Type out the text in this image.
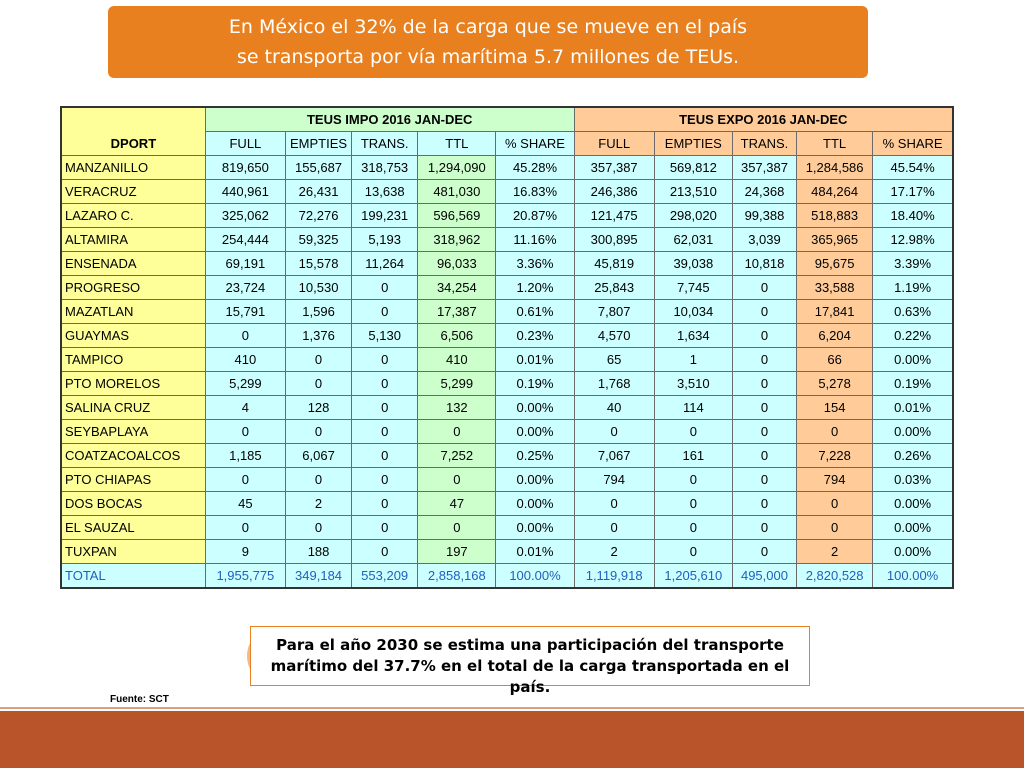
En México el 32% de la carga que se mueve en el país
se transporta por vía marítima 5.7 millones de TEUs.
DPORT	TEUS IMPO 2016 JAN-DEC					TEUS EXPO 2016 JAN-DEC				
	FULL	EMPTIES	TRANS.	TTL	% SHARE	FULL	EMPTIES	TRANS.	TTL	% SHARE
MANZANILLO	819,650	155,687	318,753	1,294,090	45.28%	357,387	569,812	357,387	1,284,586	45.54%
VERACRUZ	440,961	26,431	13,638	481,030	16.83%	246,386	213,510	24,368	484,264	17.17%
LAZARO C.	325,062	72,276	199,231	596,569	20.87%	121,475	298,020	99,388	518,883	18.40%
ALTAMIRA	254,444	59,325	5,193	318,962	11.16%	300,895	62,031	3,039	365,965	12.98%
ENSENADA	69,191	15,578	11,264	96,033	3.36%	45,819	39,038	10,818	95,675	3.39%
PROGRESO	23,724	10,530	0	34,254	1.20%	25,843	7,745	0	33,588	1.19%
MAZATLAN	15,791	1,596	0	17,387	0.61%	7,807	10,034	0	17,841	0.63%
GUAYMAS	0	1,376	5,130	6,506	0.23%	4,570	1,634	0	6,204	0.22%
TAMPICO	410	0	0	410	0.01%	65	1	0	66	0.00%
PTO MORELOS	5,299	0	0	5,299	0.19%	1,768	3,510	0	5,278	0.19%
SALINA CRUZ	4	128	0	132	0.00%	40	114	0	154	0.01%
SEYBAPLAYA	0	0	0	0	0.00%	0	0	0	0	0.00%
COATZACOALCOS	1,185	6,067	0	7,252	0.25%	7,067	161	0	7,228	0.26%
PTO CHIAPAS	0	0	0	0	0.00%	794	0	0	794	0.03%
DOS BOCAS	45	2	0	47	0.00%	0	0	0	0	0.00%
EL SAUZAL	0	0	0	0	0.00%	0	0	0	0	0.00%
TUXPAN	9	188	0	197	0.01%	2	0	0	2	0.00%
TOTAL	1,955,775	349,184	553,209	2,858,168	100.00%	1,119,918	1,205,610	495,000	2,820,528	100.00%
Para el año 2030 se estima una participación del transporte
marítimo del 37.7% en el total de la carga transportada en el país.
Fuente: SCT
